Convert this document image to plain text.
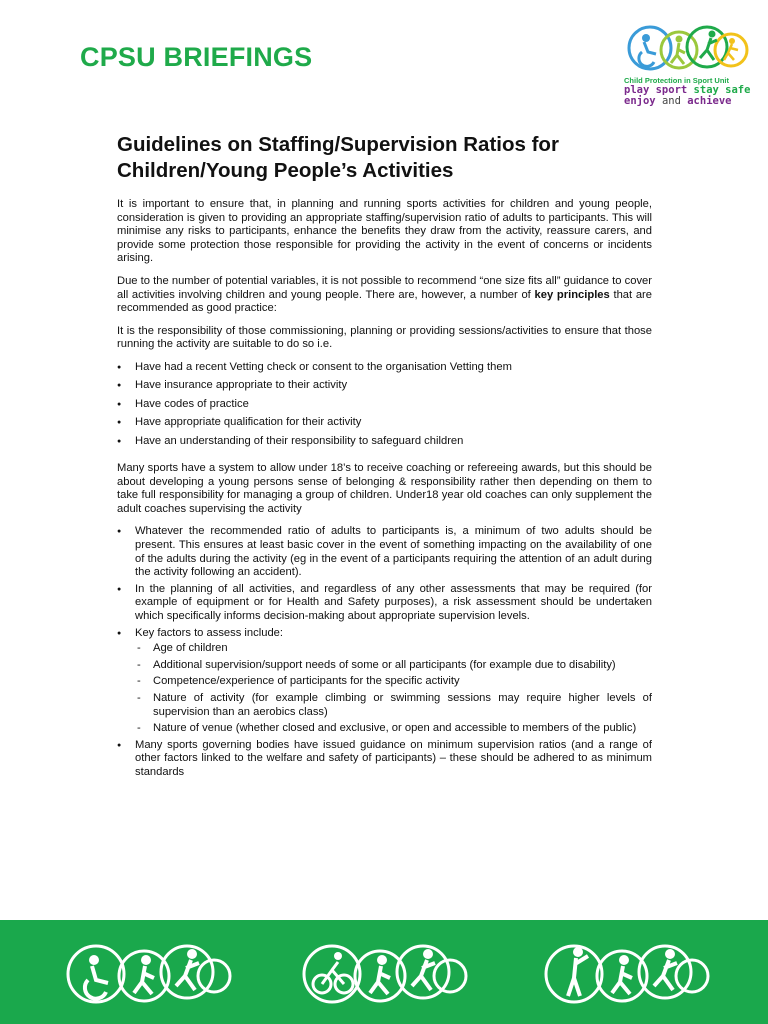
CPSU BRIEFINGS
Child Protection in Sport Unit
play sport stay safe
enjoy and achieve
Guidelines on Staffing/Supervision Ratios for
Children/Young People’s Activities

It is important to ensure that, in planning and running sports activities for children and young people, consideration is given to providing an appropriate staffing/supervision ratio of adults to participants. This will minimise any risks to participants, enhance the benefits they draw from the activity, reassure carers, and provide some protection those responsible for providing the activity in the event of concerns or incidents arising.

Due to the number of potential variables, it is not possible to recommend “one size fits all” guidance to cover all activities involving children and young people. There are, however, a number of key principles that are recommended as good practice:

It is the responsibility of those commissioning, planning or providing sessions/activities to ensure that those running the activity are suitable to do so i.e.

● Have had a recent Vetting check or consent to the organisation Vetting them
● Have insurance appropriate to their activity
● Have codes of practice
● Have appropriate qualification for their activity
● Have an understanding of their responsibility to safeguard children

Many sports have a system to allow under 18’s to receive coaching or refereeing awards, but this should be about developing a young persons sense of belonging & responsibility rather then depending on them to take full responsibility for managing a group of children. Under18 year old coaches can only supplement the adult coaches supervising the activity

● Whatever the recommended ratio of adults to participants is, a minimum of two adults should be present. This ensures at least basic cover in the event of something impacting on the availability of one of the adults during the activity (eg in the event of a participants requiring the attention of an adult during the activity following an accident).
● In the planning of all activities, and regardless of any other assessments that may be required (for example of equipment or for Health and Safety purposes), a risk assessment should be undertaken which specifically informs decision-making about appropriate supervision levels.
● Key factors to assess include:
- Age of children
- Additional supervision/support needs of some or all participants (for example due to disability)
- Competence/experience of participants for the specific activity
- Nature of activity (for example climbing or swimming sessions may require higher levels of supervision than an aerobics class)
- Nature of venue (whether closed and exclusive, or open and accessible to members of the public)
● Many sports governing bodies have issued guidance on minimum supervision ratios (and a range of other factors linked to the welfare and safety of participants) – these should be adhered to as minimum standards
